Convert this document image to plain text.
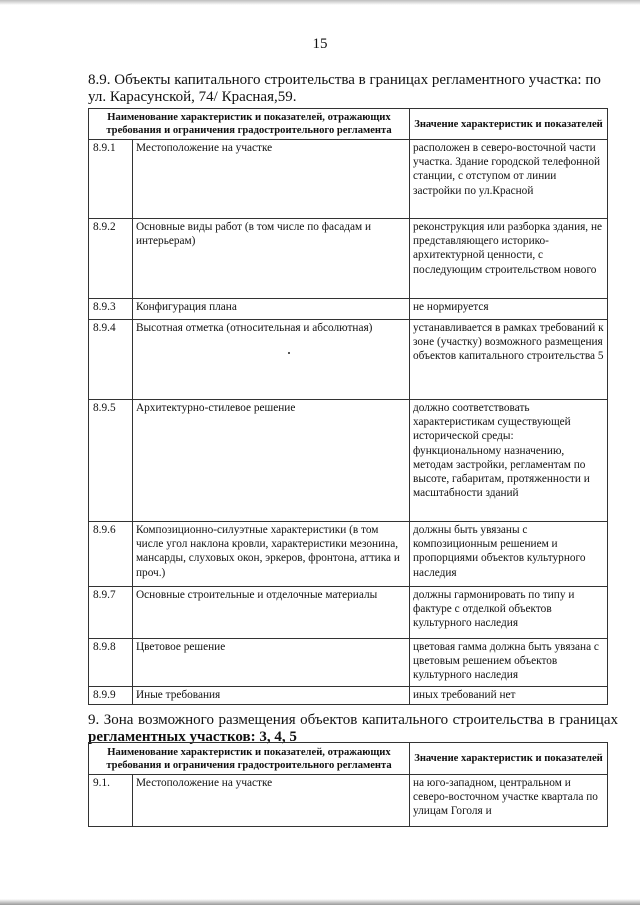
15
8.9. Объекты капитального строительства в границах регламентного участка: по ул. Карасунской, 74/ Красная,59.
Наименование характеристик и показателей, отражающих требования и ограничения градостроительного регламента		Значение характеристик и показателей
8.9.1	Местоположение на участке	расположен в северо-восточной части участка. Здание городской телефонной станции, с отступом от линии застройки по ул.Красной
8.9.2	Основные виды работ (в том числе по фасадам и интерьерам)	реконструкция или разборка здания, не представляющего историко-архитектурной ценности, с последующим строительством нового
8.9.3	Конфигурация плана	не нормируется
8.9.4	Высотная отметка (относительная и абсолютная)	устанавливается в рамках требований к зоне (участку) возможного размещения объектов капитального строительства 5
8.9.5	Архитектурно-стилевое решение	должно соответствовать характеристикам существующей исторической среды: функциональному назначению, методам застройки, регламентам по высоте, габаритам, протяженности и масштабности зданий
8.9.6	Композиционно-силуэтные характеристики (в том числе угол наклона кровли, характеристики мезонина, мансарды, слуховых окон, эркеров, фронтона, аттика и проч.)	должны быть увязаны с композиционным решением и пропорциями объектов культурного наследия
8.9.7	Основные строительные и отделочные материалы	должны гармонировать по типу и фактуре с отделкой объектов культурного наследия
8.9.8	Цветовое решение	цветовая гамма должна быть увязана с цветовым решением объектов культурного наследия
8.9.9	Иные требования	иных требований нет
9. Зона возможного размещения объектов капитального строительства в границах регламентных участков: 3, 4, 5
Наименование характеристик и показателей, отражающих требования и ограничения градостроительного регламента		Значение характеристик и показателей
9.1.	Местоположение на участке	на юго-западном, центральном и северо-восточном участке квартала по улицам Гоголя и
